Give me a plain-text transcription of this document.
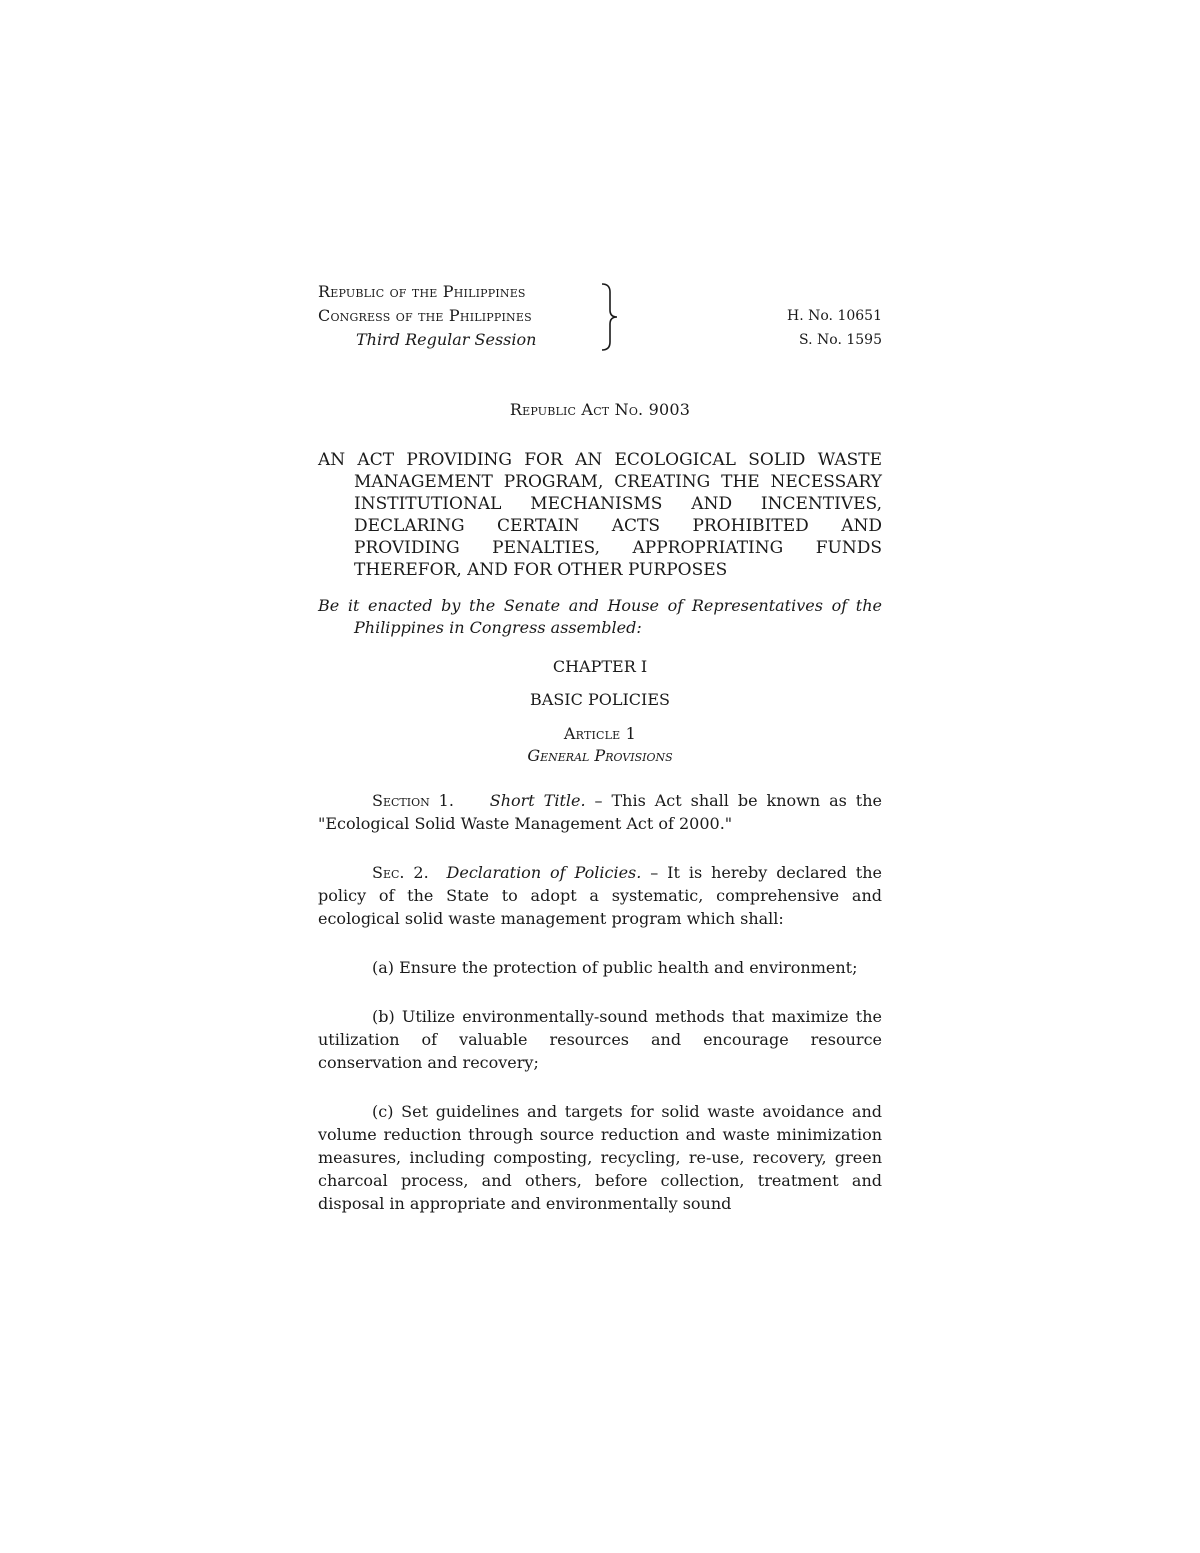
Republic of the Philippines
Congress of the Philippines
Third Regular Session
H. No. 10651
S. No. 1595
Republic Act No. 9003
AN ACT PROVIDING FOR AN ECOLOGICAL SOLID WASTE MANAGEMENT PROGRAM, CREATING THE NECESSARY INSTITUTIONAL MECHANISMS AND INCENTIVES, DECLARING CERTAIN ACTS PROHIBITED AND PROVIDING PENALTIES, APPROPRIATING FUNDS THEREFOR, AND FOR OTHER PURPOSES
Be it enacted by the Senate and House of Representatives of the Philippines in Congress assembled:
CHAPTER I
BASIC POLICIES
Article 1
General Provisions
Section 1. Short Title. – This Act shall be known as the "Ecological Solid Waste Management Act of 2000."
Sec. 2. Declaration of Policies. – It is hereby declared the policy of the State to adopt a systematic, comprehensive and ecological solid waste management program which shall:
(a) Ensure the protection of public health and environment;
(b) Utilize environmentally-sound methods that maximize the utilization of valuable resources and encourage resource conservation and recovery;
(c) Set guidelines and targets for solid waste avoidance and volume reduction through source reduction and waste minimization measures, including composting, recycling, re-use, recovery, green charcoal process, and others, before collection, treatment and disposal in appropriate and environmentally sound
